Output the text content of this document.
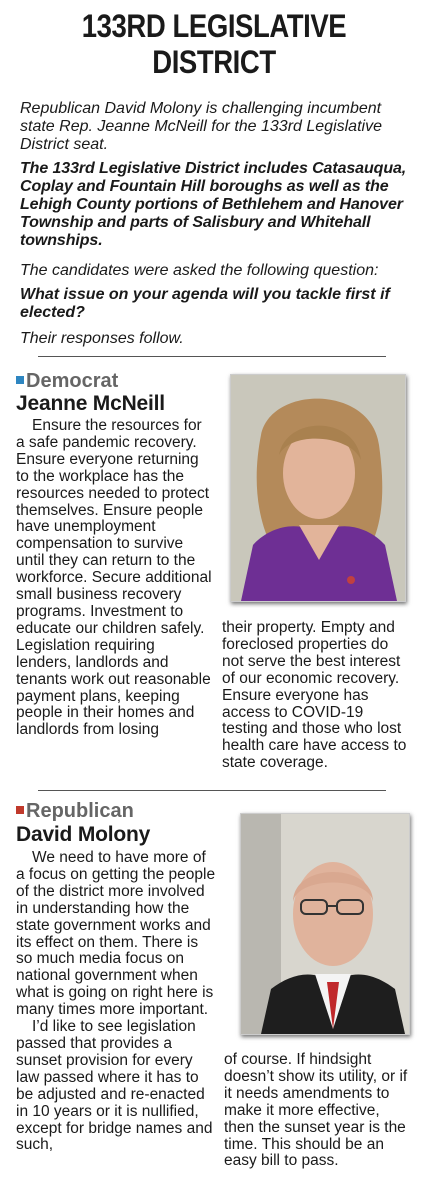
133RD LEGISLATIVE
DISTRICT
Republican David Molony is challenging incumbent state Rep. Jeanne McNeill for the 133rd Legislative District seat.
The 133rd Legislative District includes Catasauqua, Coplay and Fountain Hill boroughs as well as the Lehigh County portions of Bethlehem and Hanover Township and parts of Salisbury and Whitehall townships.
The candidates were asked the following question:
What issue on your agenda will you tackle first if elected?
Their responses follow.
Democrat
Jeanne McNeill

Ensure the resources for a safe pandemic recovery. Ensure everyone returning to the workplace has the resources needed to protect themselves. Ensure people have unemployment compensation to survive until they can return to the workforce. Secure additional small business recovery programs. Investment to educate our children safely. Legislation requiring lenders, landlords and tenants work out reasonable payment plans, keeping people in their homes and landlords from losing

their property. Empty and foreclosed properties do not serve the best interest of our economic recovery. Ensure everyone has access to COVID-19 testing and those who lost health care have access to state coverage.

Republican
David Molony

We need to have more of a focus on getting the people of the district more involved in understanding how the state government works and its effect on them. There is so much media focus on national government when what is going on right here is many times more important.

I’d like to see legislation passed that provides a sunset provision for every law passed where it has to be adjusted and re-enacted in 10 years or it is nullified, except for bridge names and such,

of course. If hindsight doesn’t show its utility, or if it needs amendments to make it more effective, then the sunset year is the time. This should be an easy bill to pass.
